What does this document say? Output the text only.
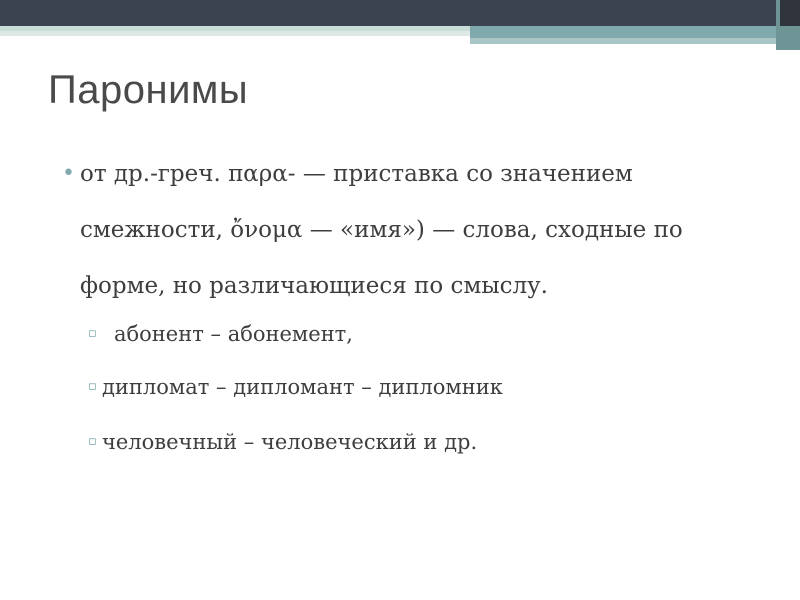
Паронимы
• от др.-греч. παρα- — приставка со значением смежности, ὄνομα — «имя») — слова, сходные по форме, но различающиеся по смыслу.
▫ абонент – абонемент,
▫ дипломат – дипломант – дипломник
▫ человечный – человеческий и др.
